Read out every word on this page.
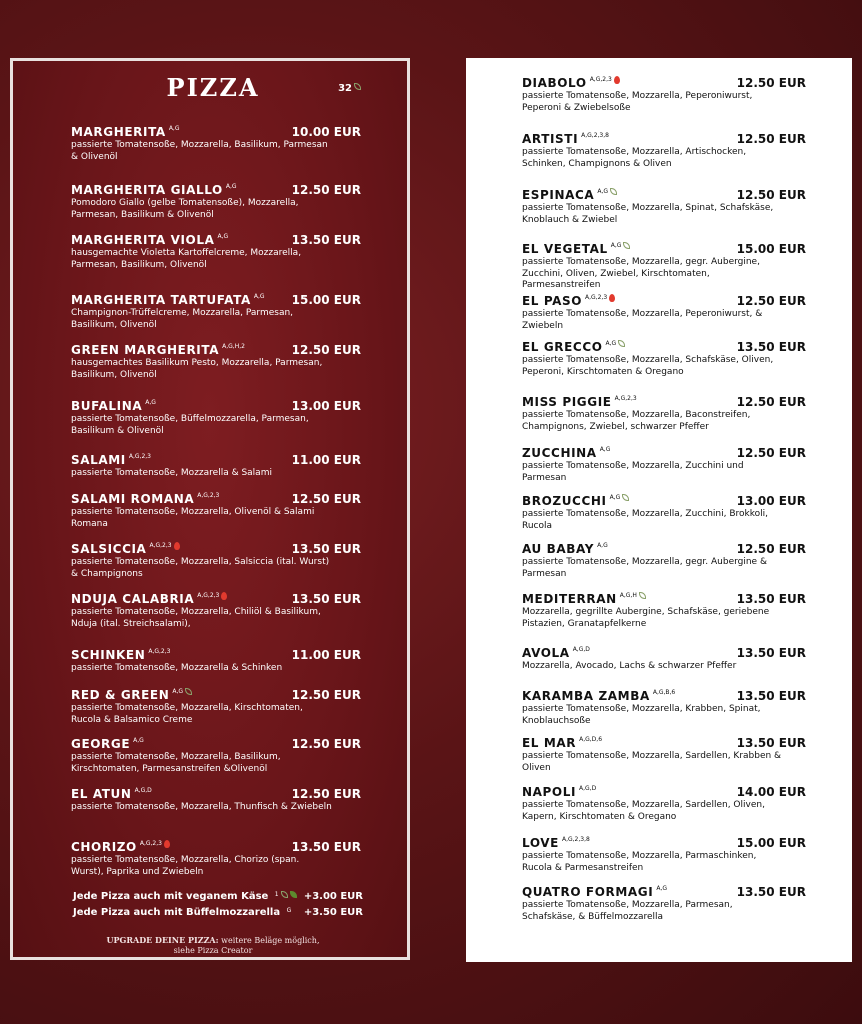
PIZZA	32
MARGHERITA $^{A,G}$	10.00 EUR
passierte Tomatensoße, Mozzarella, Basilikum, Parmesan & Olivenöl
MARGHERITA GIALLO $^{A,G}$	12.50 EUR
Pomodoro Giallo (gelbe Tomatensoße), Mozzarella, Parmesan, Basilikum & Olivenöl
MARGHERITA VIOLA $^{A,G}$	13.50 EUR
hausgemachte Violetta Kartoffelcreme, Mozzarella, Parmesan, Basilikum, Olivenöl
MARGHERITA TARTUFATA $^{A,G}$	15.00 EUR
Champignon-Trüffelcreme, Mozzarella, Parmesan, Basilikum, Olivenöl
GREEN MARGHERITA $^{A,G,H,2}$	12.50 EUR
hausgemachtes Basilikum Pesto, Mozzarella, Parmesan, Basilikum, Olivenöl
BUFALINA $^{A,G}$	13.00 EUR
passierte Tomatensoße, Büffelmozzarella, Parmesan, Basilikum & Olivenöl
SALAMI $^{A,G,2,3}$	11.00 EUR
passierte Tomatensoße, Mozzarella & Salami
SALAMI ROMANA $^{A,G,2,3}$	12.50 EUR
passierte Tomatensoße, Mozzarella, Olivenöl & Salami Romana
SALSICCIA $^{A,G,2,3}$	13.50 EUR
passierte Tomatensoße, Mozzarella, Salsiccia (ital. Wurst) & Champignons
NDUJA CALABRIA $^{A,G,2,3}$	13.50 EUR
passierte Tomatensoße, Mozzarella, Chiliöl & Basilikum, Nduja (ital. Streichsalami),
SCHINKEN $^{A,G,2,3}$	11.00 EUR
passierte Tomatensoße, Mozzarella & Schinken
RED & GREEN $^{A,G}$	12.50 EUR
passierte Tomatensoße, Mozzarella, Kirschtomaten, Rucola & Balsamico Creme
GEORGE $^{A,G}$	12.50 EUR
passierte Tomatensoße, Mozzarella, Basilikum, Kirschtomaten, Parmesanstreifen &Olivenöl
EL ATUN $^{A,G,D}$	12.50 EUR
passierte Tomatensoße, Mozzarella, Thunfisch & Zwiebeln
CHORIZO $^{A,G,2,3}$	13.50 EUR
passierte Tomatensoße, Mozzarella, Chorizo (span. Wurst), Paprika und Zwiebeln
Jede Pizza auch mit veganem Käse $^1$	+3.00 EUR
Jede Pizza auch mit Büffelmozzarella $^G$ +3.50 EUR
UPGRADE DEINE PIZZA: weitere Beläge möglich,
siehe Pizza Creator
DIABOLO $^{A,G,2,3}$	12.50 EUR
passierte Tomatensoße, Mozzarella, Peperoniwurst, Peperoni & Zwiebelsoße
ARTISTI $^{A,G,2,3,8}$	12.50 EUR
passierte Tomatensoße, Mozzarella, Artischocken, Schinken, Champignons & Oliven
ESPINACA $^{A,G}$	12.50 EUR
passierte Tomatensoße, Mozzarella, Spinat, Schafskäse, Knoblauch & Zwiebel
EL VEGETAL $^{A,G}$	15.00 EUR
passierte Tomatensoße, Mozzarella, gegr. Aubergine, Zucchini, Oliven, Zwiebel, Kirschtomaten, Parmesanstreifen
EL PASO $^{A,G,2,3}$	12.50 EUR
passierte Tomatensoße, Mozzarella, Peperoniwurst, & Zwiebeln
EL GRECCO $^{A,G}$	13.50 EUR
passierte Tomatensoße, Mozzarella, Schafskäse, Oliven, Peperoni, Kirschtomaten & Oregano
MISS PIGGIE $^{A,G,2,3}$	12.50 EUR
passierte Tomatensoße, Mozzarella, Baconstreifen, Champignons, Zwiebel, schwarzer Pfeffer
ZUCCHINA $^{A,G}$	12.50 EUR
passierte Tomatensoße, Mozzarella, Zucchini und Parmesan
BROZUCCHI $^{A,G}$	13.00 EUR
passierte Tomatensoße, Mozzarella, Zucchini, Brokkoli, Rucola
AU BABAY $^{A,G}$	12.50 EUR
passierte Tomatensoße, Mozzarella, gegr. Aubergine & Parmesan
MEDITERRAN $^{A,G,H}$	13.50 EUR
Mozzarella, gegrillte Aubergine, Schafskäse, geriebene Pistazien, Granatapfelkerne
AVOLA $^{A,G,D}$	13.50 EUR
Mozzarella, Avocado, Lachs & schwarzer Pfeffer
KARAMBA ZAMBA $^{A,G,B,6}$	13.50 EUR
passierte Tomatensoße, Mozzarella, Krabben, Spinat, Knoblauchsoße
EL MAR $^{A,G,D,6}$	13.50 EUR
passierte Tomatensoße, Mozzarella, Sardellen, Krabben & Oliven
NAPOLI $^{A,G,D}$	14.00 EUR
passierte Tomatensoße, Mozzarella, Sardellen, Oliven, Kapern, Kirschtomaten & Oregano
LOVE $^{A,G,2,3,8}$	15.00 EUR
passierte Tomatensoße, Mozzarella, Parmaschinken, Rucola & Parmesanstreifen
QUATRO FORMAGI $^{A,G}$	13.50 EUR
passierte Tomatensoße, Mozzarella, Parmesan, Schafskäse, & Büffelmozzarella
